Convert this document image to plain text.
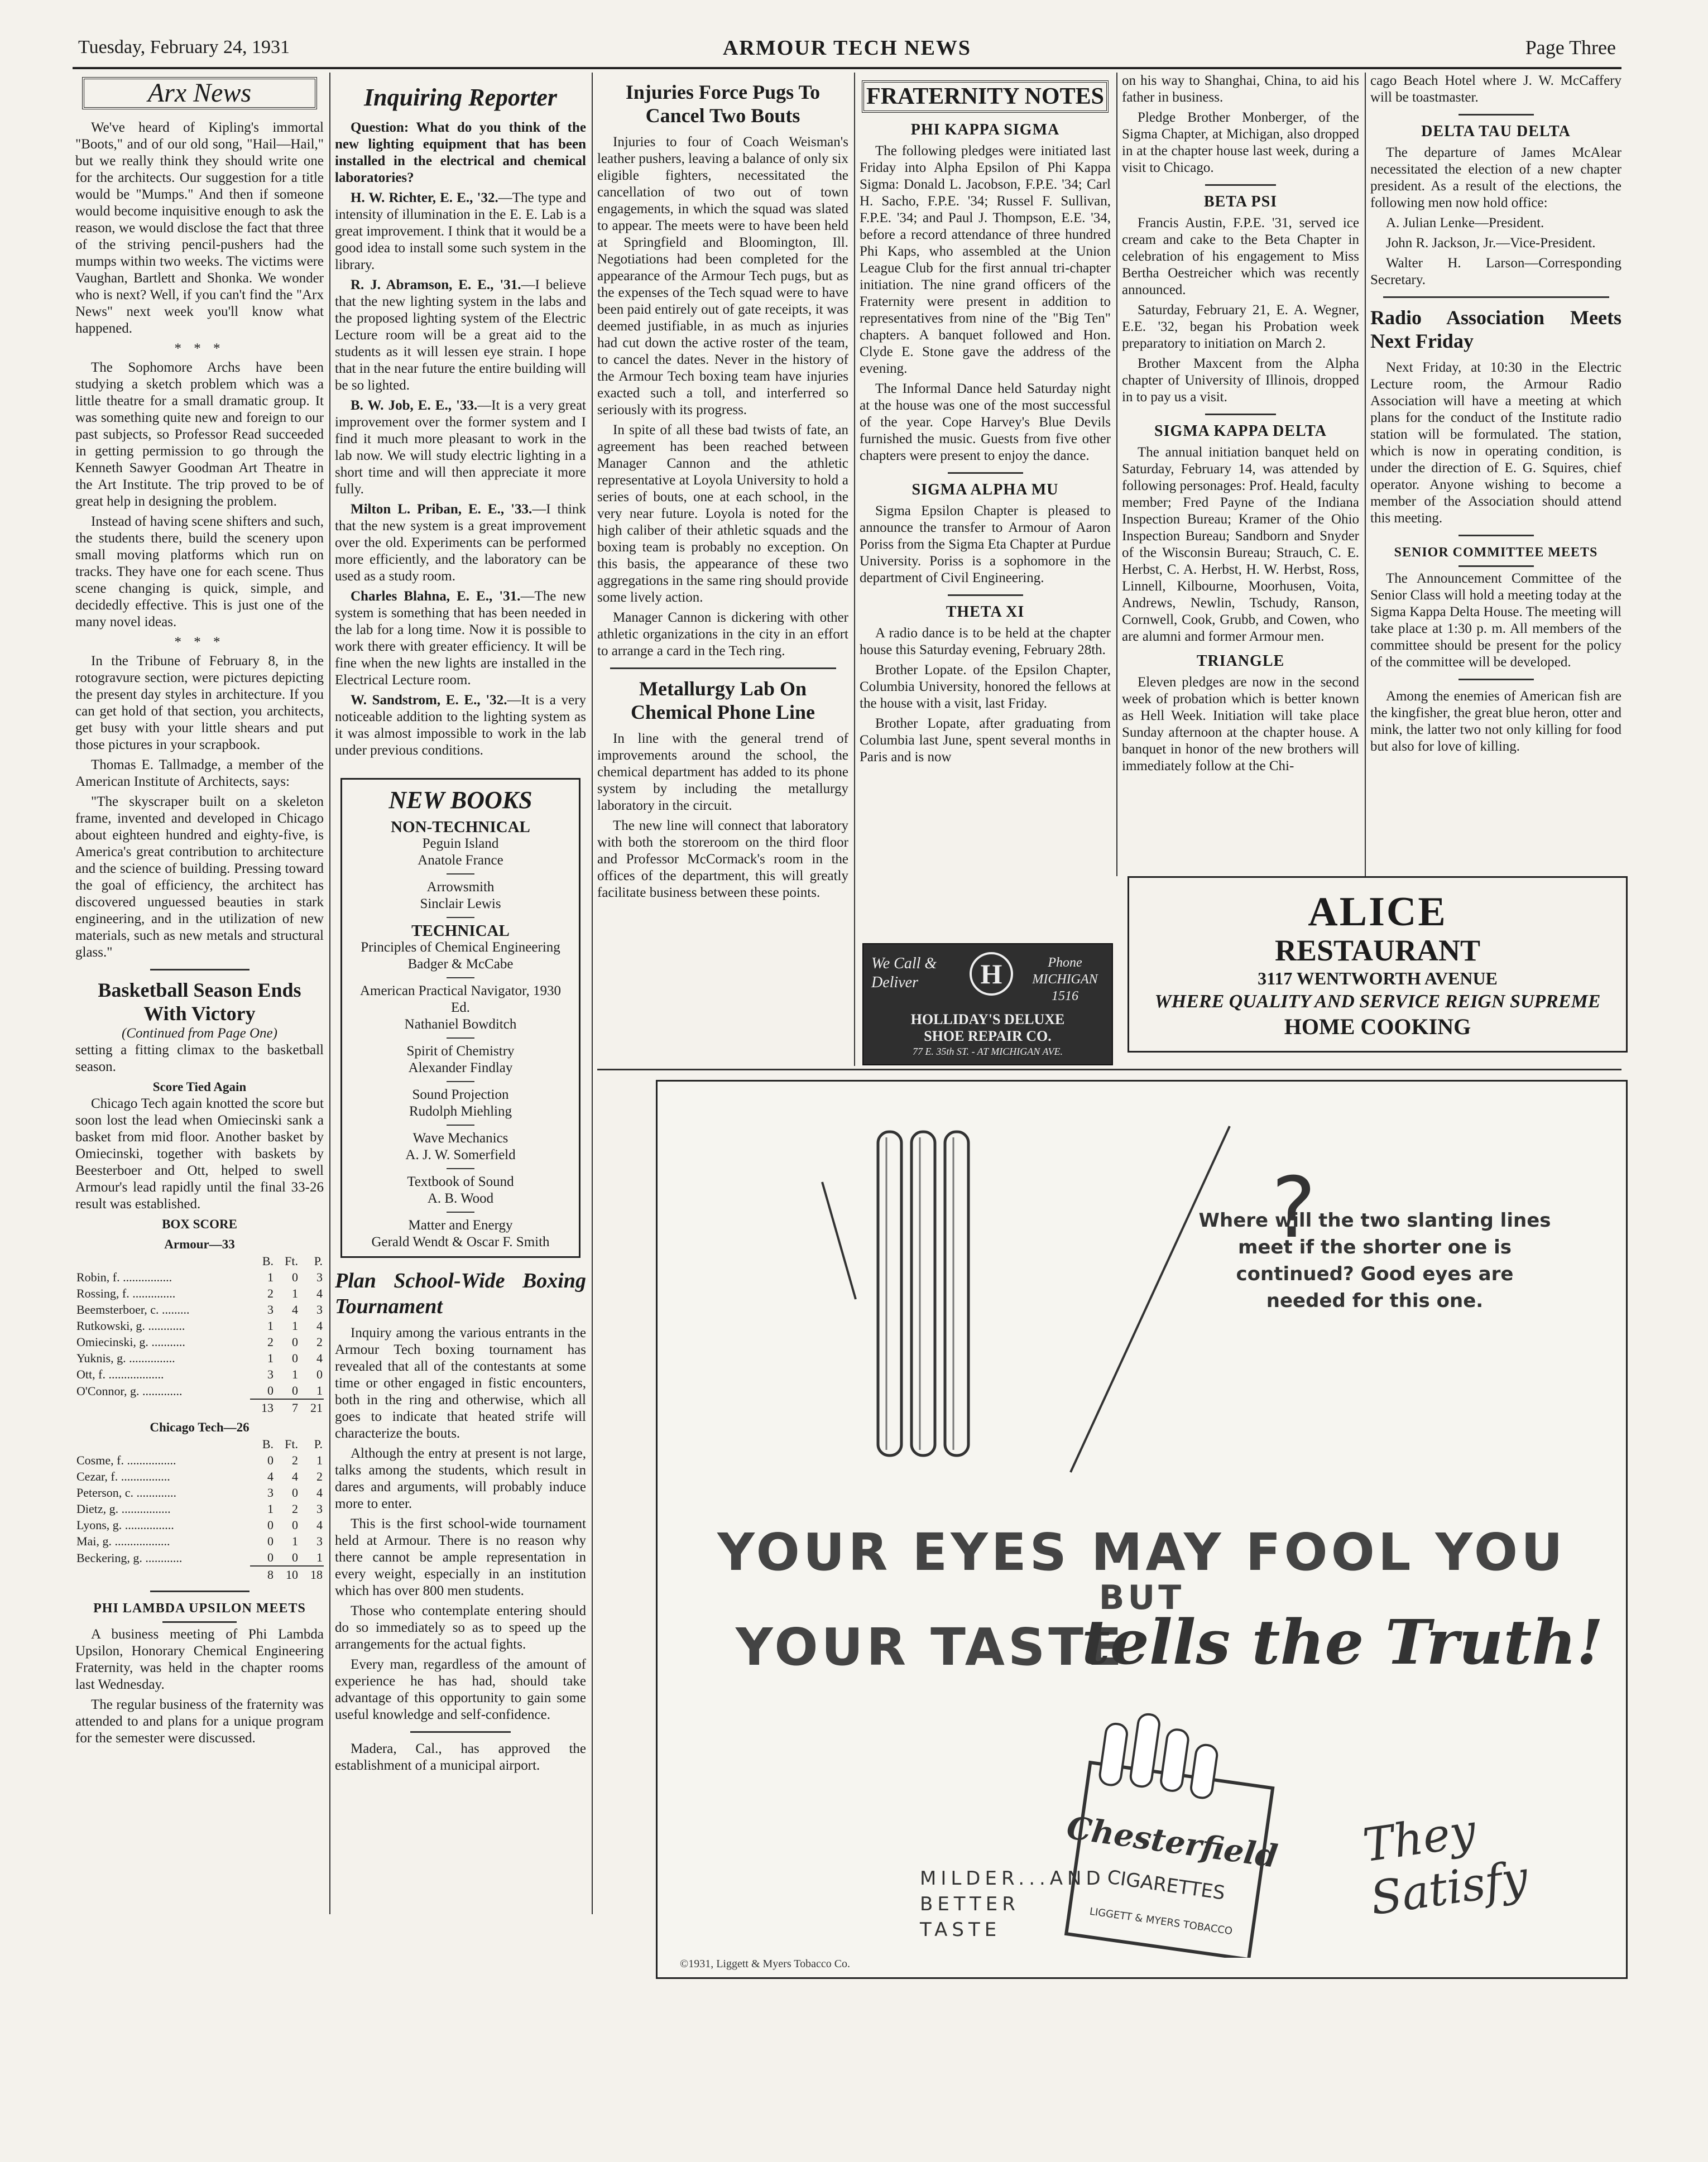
Tuesday, February 24, 1931	ARMOUR TECH NEWS	Page Three
Arx News

We've heard of Kipling's immortal "Boots," and of our old song, "Hail—Hail," but we really think they should write one for the architects. Our suggestion for a title would be "Mumps." And then if someone would become inquisitive enough to ask the reason, we would disclose the fact that three of the striving pencil-pushers had the mumps within two weeks. The victims were Vaughan, Bartlett and Shonka. We wonder who is next? Well, if you can't find the "Arx News" next week you'll know what happened.

* * *

The Sophomore Archs have been studying a sketch problem which was a little theatre for a small dramatic group. It was something quite new and foreign to our past subjects, so Professor Read succeeded in getting permission to go through the Kenneth Sawyer Goodman Art Theatre in the Art Institute. The trip proved to be of great help in designing the problem.

Instead of having scene shifters and such, the students there, build the scenery upon small moving platforms which run on tracks. They have one for each scene. Thus scene changing is quick, simple, and decidedly effective. This is just one of the many novel ideas.

* * *

In the Tribune of February 8, in the rotogravure section, were pictures depicting the present day styles in architecture. If you can get hold of that section, you architects, get busy with your little shears and put those pictures in your scrapbook.

Thomas E. Tallmadge, a member of the American Institute of Architects, says:

"The skyscraper built on a skeleton frame, invented and developed in Chicago about eighteen hundred and eighty-five, is America's great contribution to architecture and the science of building. Pressing toward the goal of efficiency, the architect has discovered unguessed beauties in stark engineering, and in the utilization of new materials, such as new metals and structural glass."

Basketball Season Ends With Victory
(Continued from Page One)

setting a fitting climax to the basketball season.

Score Tied Again

Chicago Tech again knotted the score but soon lost the lead when Omiecinski sank a basket from mid floor. Another basket by Omiecinski, together with baskets by Beesterboer and Ott, helped to swell Armour's lead rapidly until the final 33-26 result was established.

BOX SCORE
Armour—33
	B.	Ft.	P.
Robin, f. ................	1	0	3
Rossing, f. ..............	2	1	4
Beemsterboer, c. .........	3	4	3
Rutkowski, g. ............	1	1	4
Omiecinski, g. ...........	2	0	2
Yuknis, g. ...............	1	0	4
Ott, f. ..................	3	1	0
O'Connor, g. .............	0	0	1
	13	7	21
Chicago Tech—26
	B.	Ft.	P.
Cosme, f. ................	0	2	1
Cezar, f. ................	4	4	2
Peterson, c. .............	3	0	4
Dietz, g. ................	1	2	3
Lyons, g. ................	0	0	4
Mai, g. ..................	0	1	3
Beckering, g. ............	0	0	1
	8	10	18
PHI LAMBDA UPSILON MEETS

A business meeting of Phi Lambda Upsilon, Honorary Chemical Engineering Fraternity, was held in the chapter rooms last Wednesday.

The regular business of the fraternity was attended to and plans for a unique program for the semester were discussed.

Inquiring Reporter

Question: What do you think of the new lighting equipment that has been installed in the electrical and chemical laboratories?

H. W. Richter, E. E., '32.—The type and intensity of illumination in the E. E. Lab is a great improvement. I think that it would be a good idea to install some such system in the library.

R. J. Abramson, E. E., '31.—I believe that the new lighting system in the labs and the proposed lighting system of the Electric Lecture room will be a great aid to the students as it will lessen eye strain. I hope that in the near future the entire building will be so lighted.

B. W. Job, E. E., '33.—It is a very great improvement over the former system and I find it much more pleasant to work in the lab now. We will study electric lighting in a short time and will then appreciate it more fully.

Milton L. Priban, E. E., '33.—I think that the new system is a great improvement over the old. Experiments can be performed more efficiently, and the laboratory can be used as a study room.

Charles Blahna, E. E., '31.—The new system is something that has been needed in the lab for a long time. Now it is possible to work there with greater efficiency. It will be fine when the new lights are installed in the Electrical Lecture room.

W. Sandstrom, E. E., '32.—It is a very noticeable addition to the lighting system as it was almost impossible to work in the lab under previous conditions.

NEW BOOKS
NON-TECHNICAL
Peguin Island
Anatole France
Arrowsmith
Sinclair Lewis
TECHNICAL
Principles of Chemical Engineering
Badger & McCabe
American Practical Navigator, 1930 Ed.
Nathaniel Bowditch
Spirit of Chemistry
Alexander Findlay
Sound Projection
Rudolph Miehling
Wave Mechanics
A. J. W. Somerfield
Textbook of Sound
A. B. Wood
Matter and Energy
Gerald Wendt & Oscar F. Smith
Plan School-Wide Boxing Tournament

Inquiry among the various entrants in the Armour Tech boxing tournament has revealed that all of the contestants at some time or other engaged in fistic encounters, both in the ring and otherwise, which all goes to indicate that heated strife will characterize the bouts.

Although the entry at present is not large, talks among the students, which result in dares and arguments, will probably induce more to enter.

This is the first school-wide tournament held at Armour. There is no reason why there cannot be ample representation in every weight, especially in an institution which has over 800 men students.

Those who contemplate entering should do so immediately so as to speed up the arrangements for the actual fights.

Every man, regardless of the amount of experience he has had, should take advantage of this opportunity to gain some useful knowledge and self-confidence.

Madera, Cal., has approved the establishment of a municipal airport.

Injuries Force Pugs To Cancel Two Bouts

Injuries to four of Coach Weisman's leather pushers, leaving a balance of only six eligible fighters, necessitated the cancellation of two out of town engagements, in which the squad was slated to appear. The meets were to have been held at Springfield and Bloomington, Ill. Negotiations had been completed for the appearance of the Armour Tech pugs, but as the expenses of the Tech squad were to have been paid entirely out of gate receipts, it was deemed justifiable, in as much as injuries had cut down the active roster of the team, to cancel the dates. Never in the history of the Armour Tech boxing team have injuries exacted such a toll, and interferred so seriously with its progress.

In spite of all these bad twists of fate, an agreement has been reached between Manager Cannon and the athletic representative at Loyola University to hold a series of bouts, one at each school, in the very near future. Loyola is noted for the high caliber of their athletic squads and the boxing team is probably no exception. On this basis, the appearance of these two aggregations in the same ring should provide some lively action.

Manager Cannon is dickering with other athletic organizations in the city in an effort to arrange a card in the Tech ring.

Metallurgy Lab On Chemical Phone Line

In line with the general trend of improvements around the school, the chemical department has added to its phone system by including the metallurgy laboratory in the circuit.

The new line will connect that laboratory with both the storeroom on the third floor and Professor McCormack's room in the offices of the department, this will greatly facilitate business between these points.

FRATERNITY NOTES
PHI KAPPA SIGMA

The following pledges were initiated last Friday into Alpha Epsilon of Phi Kappa Sigma: Donald L. Jacobson, F.P.E. '34; Carl H. Sacho, F.P.E. '34; Russel F. Sullivan, F.P.E. '34; and Paul J. Thompson, E.E. '34, before a record attendance of three hundred Phi Kaps, who assembled at the Union League Club for the first annual tri-chapter initiation. The nine grand officers of the Fraternity were present in addition to representatives from nine of the "Big Ten" chapters. A banquet followed and Hon. Clyde E. Stone gave the address of the evening.

The Informal Dance held Saturday night at the house was one of the most successful of the year. Cope Harvey's Blue Devils furnished the music. Guests from five other chapters were present to enjoy the dance.

SIGMA ALPHA MU

Sigma Epsilon Chapter is pleased to announce the transfer to Armour of Aaron Poriss from the Sigma Eta Chapter at Purdue University. Poriss is a sophomore in the department of Civil Engineering.

THETA XI

A radio dance is to be held at the chapter house this Saturday evening, February 28th.

Brother Lopate. of the Epsilon Chapter, Columbia University, honored the fellows at the house with a visit, last Friday.

Brother Lopate, after graduating from Columbia last June, spent several months in Paris and is now

We Call & Deliver	H	Phone MICHIGAN 1516
HOLLIDAY'S DELUXE
SHOE REPAIR CO.
77 E. 35th ST. - AT MICHIGAN AVE.

on his way to Shanghai, China, to aid his father in business.

Pledge Brother Monberger, of the Sigma Chapter, at Michigan, also dropped in at the chapter house last week, during a visit to Chicago.

BETA PSI

Francis Austin, F.P.E. '31, served ice cream and cake to the Beta Chapter in celebration of his engagement to Miss Bertha Oestreicher which was recently announced.

Saturday, February 21, E. A. Wegner, E.E. '32, began his Probation week preparatory to initiation on March 2.

Brother Maxcent from the Alpha chapter of University of Illinois, dropped in to pay us a visit.

SIGMA KAPPA DELTA

The annual initiation banquet held on Saturday, February 14, was attended by following personages: Prof. Heald, faculty member; Fred Payne of the Indiana Inspection Bureau; Kramer of the Ohio Inspection Bureau; Sandborn and Snyder of the Wisconsin Bureau; Strauch, C. E. Herbst, C. A. Herbst, H. W. Herbst, Ross, Linnell, Kilbourne, Moorhusen, Voita, Andrews, Newlin, Tschudy, Ranson, Cornwell, Cook, Grubb, and Cowen, who are alumni and former Armour men.

TRIANGLE

Eleven pledges are now in the second week of probation which is better known as Hell Week. Initiation will take place Sunday afternoon at the chapter house. A banquet in honor of the new brothers will immediately follow at the Chi-

cago Beach Hotel where J. W. McCaffery will be toastmaster.

DELTA TAU DELTA

The departure of James McAlear necessitated the election of a new chapter president. As a result of the elections, the following men now hold office:

A. Julian Lenke—President.

John R. Jackson, Jr.—Vice-President.

Walter H. Larson—Corresponding Secretary.

Radio Association Meets Next Friday

Next Friday, at 10:30 in the Electric Lecture room, the Armour Radio Association will have a meeting at which plans for the conduct of the Institute radio station will be formulated. The station, which is now in operating condition, is under the direction of E. G. Squires, chief operator. Anyone wishing to become a member of the Association should attend this meeting.

SENIOR COMMITTEE MEETS

The Announcement Committee of the Senior Class will hold a meeting today at the Sigma Kappa Delta House. The meeting will take place at 1:30 p. m. All members of the committee should be present for the policy of the committee will be developed.

Among the enemies of American fish are the kingfisher, the great blue heron, otter and mink, the latter two not only killing for food but also for love of killing.

ALICE
RESTAURANT
3117 WENTWORTH AVENUE
WHERE QUALITY AND SERVICE REIGN SUPREME
HOME COOKING
?
Where will the two slanting lines meet if the shorter one is continued? Good eyes are needed for this one.
YOUR EYES MAY FOOL YOU
BUT
YOUR TASTE
tells the Truth!
Chesterfield
CIGARETTES
LIGGETT & MYERS TOBACCO
MILDER...AND BETTER TASTE
They Satisfy
©1931, Liggett & Myers Tobacco Co.
